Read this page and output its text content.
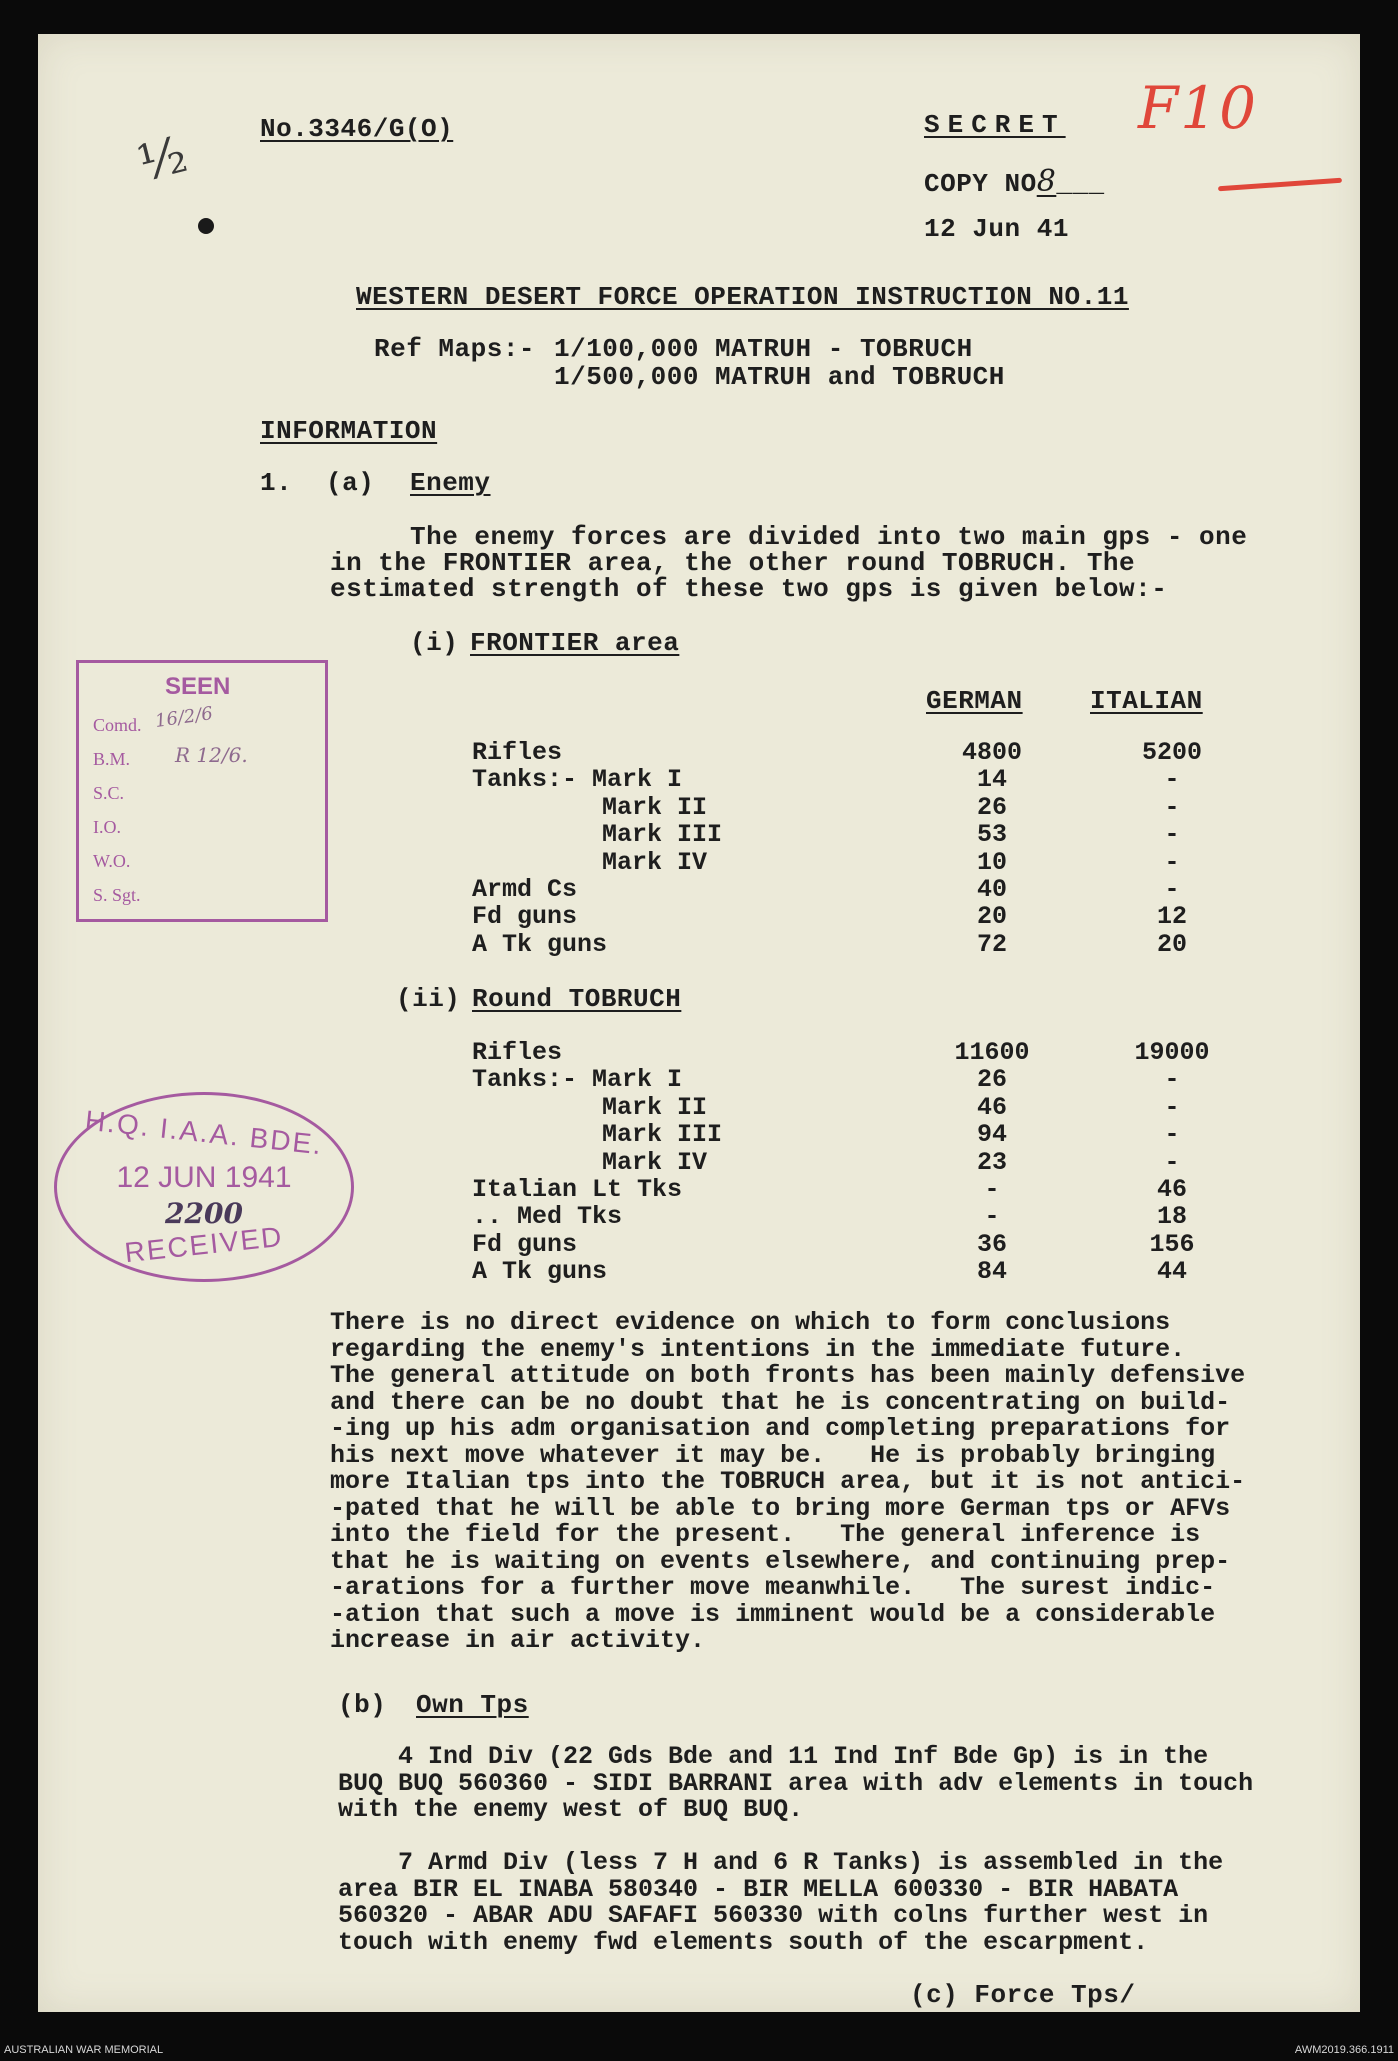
No.3346/G(O)	SECRET
COPY NO8___
12 Jun 41
F10
⅟₂
WESTERN DESERT FORCE OPERATION INSTRUCTION NO.11
Ref Maps:- 1/100,000 MATRUH - TOBRUCH
1/500,000 MATRUH and TOBRUCH
INFORMATION
1. (a) Enemy
The enemy forces are divided into two main gps - one
in the FRONTIER area, the other round TOBRUCH. The
estimated strength of these two gps is given below:-
(i) FRONTIER area
GERMAN	ITALIAN
Rifles	4800	5200
Tanks:- Mark I	14	-
Mark II	26	-
Mark III	53	-
Mark IV	10	-
Armd Cs	40	-
Fd guns	20	12
A Tk guns	72	20
(ii) Round TOBRUCH
Rifles	11600	19000
Tanks:- Mark I	26	-
Mark II	46	-
Mark III	94	-
Mark IV	23	-
Italian Lt Tks	-	46
.. Med Tks	-	18
Fd guns	36	156
A Tk guns	84	44
There is no direct evidence on which to form conclusions
regarding the enemy's intentions in the immediate future.
The general attitude on both fronts has been mainly defensive
and there can be no doubt that he is concentrating on build-
-ing up his adm organisation and completing preparations for
his next move whatever it may be.   He is probably bringing
more Italian tps into the TOBRUCH area, but it is not antici-
-pated that he will be able to bring more German tps or AFVs
into the field for the present.   The general inference is
that he is waiting on events elsewhere, and continuing prep-
-arations for a further move meanwhile.   The surest indic-
-ation that such a move is imminent would be a considerable
increase in air activity.
(b) Own Tps
4 Ind Div (22 Gds Bde and 11 Ind Inf Bde Gp) is in the
BUQ BUQ 560360 - SIDI BARRANI area with adv elements in touch
with the enemy west of BUQ BUQ.
7 Armd Div (less 7 H and 6 R Tanks) is assembled in the
area BIR EL INABA 580340 - BIR MELLA 600330 - BIR HABATA
560320 - ABAR ADU SAFAFI 560330 with colns further west in
touch with enemy fwd elements south of the escarpment.
(c) Force Tps/
SEEN
Comd.
B.M.
S.C.
I.O.
W.O.
S. Sgt.
16/2/6
R 12/6.
H.Q. I.A.A. BDE.
12 JUN 1941
2200
RECEIVED
AUSTRALIAN WAR MEMORIAL	AWM2019.366.1911
